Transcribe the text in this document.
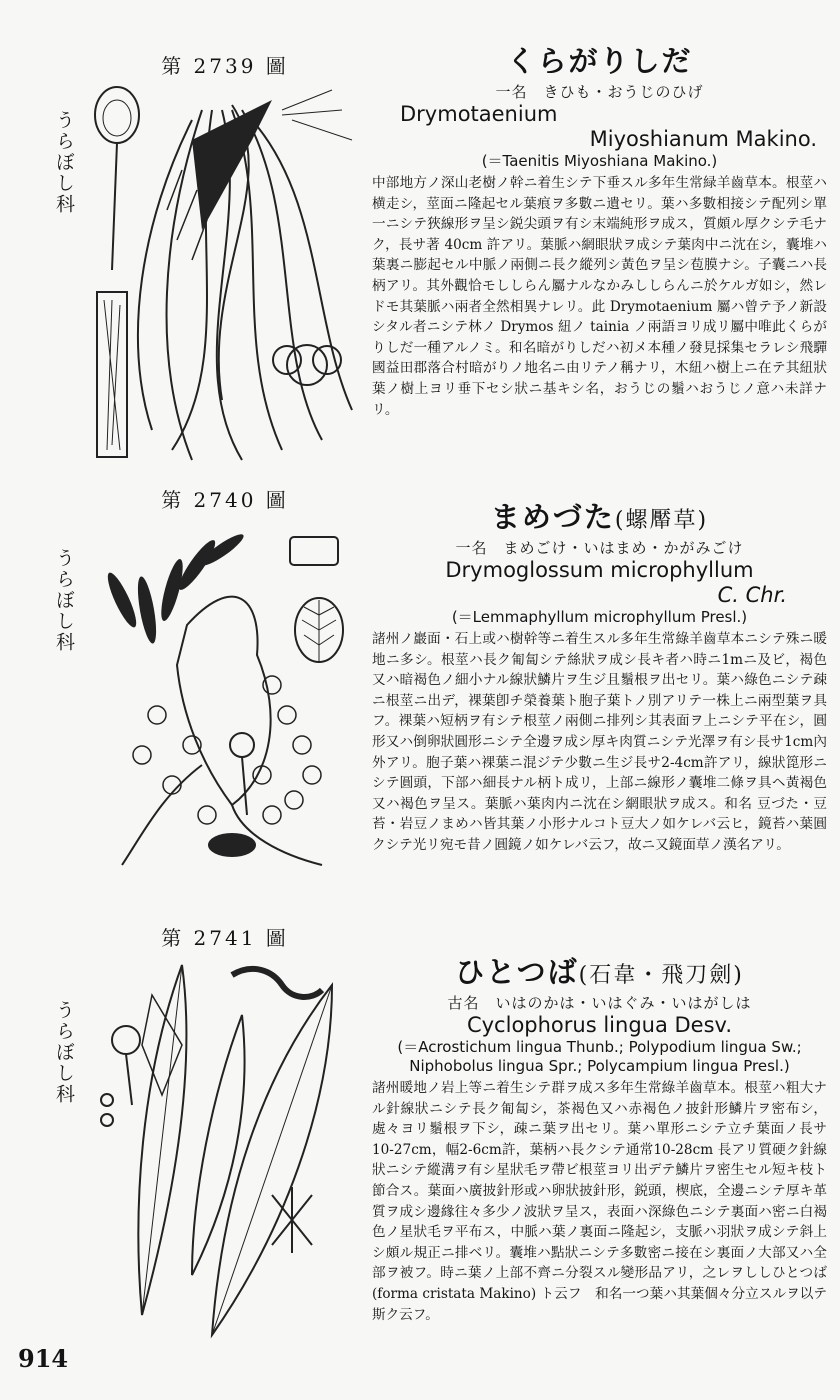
第 2739 圖
うらぼし科
くらがりしだ
一名　きひも・おうじのひげ
Drymotaenium
Miyoshianum Makino.
(＝Taenitis Miyoshiana Makino.)
中部地方ノ深山老樹ノ幹ニ着生シテ下垂スル多年生常緑羊齒草本。根莖ハ横走シ，莖面ニ隆起セル葉痕ヲ多數ニ遺セリ。葉ハ多數相接シテ配列シ單一ニシテ狹線形ヲ呈シ鋭尖頭ヲ有シ末端純形ヲ成ス，質頗ル厚クシテ毛ナク，長サ著 40cm 許アリ。葉脈ハ網眼狀ヲ成シテ葉肉中ニ沈在シ，囊堆ハ葉裏ニ膨起セル中脈ノ兩側ニ長ク縱列シ黃色ヲ呈シ苞膜ナシ。子囊ニハ長柄アリ。其外觀恰モししらん屬ナルなかみししらんニ於ケルガ如シ，然レドモ其葉脈ハ兩者全然相異ナレリ。此 Drymotaenium 屬ハ曾テ予ノ新設シタル者ニシテ林ノ Drymos 紐ノ tainia ノ兩語ヨリ成リ屬中唯此くらがりしだ一種アルノミ。和名暗がりしだハ初メ本種ノ發見採集セラレシ飛驒國益田郡落合村暗がりノ地名ニ由リテノ稱ナリ，木紐ハ樹上ニ在テ其紐狀葉ノ樹上ヨリ垂下セシ狀ニ基キシ名，おうじの鬚ハおうじノ意ハ未詳ナリ。
第 2740 圖
うらぼし科
まめづた(螺厴草)
一名　まめごけ・いはまめ・かがみごけ
Drymoglossum microphyllum
C. Chr.
(＝Lemmaphyllum microphyllum Presl.)
諸州ノ巖面・石上或ハ樹幹等ニ着生スル多年生常綠羊齒草本ニシテ殊ニ暖地ニ多シ。根莖ハ長ク匍匐シテ絲狀ヲ成シ長キ者ハ時ニ1mニ及ビ，褐色又ハ暗褐色ノ細小ナル線狀鱗片ヲ生ジ且鬚根ヲ出セリ。葉ハ綠色ニシテ疎ニ根莖ニ出デ，裸葉卽チ榮養葉ト胞子葉トノ別アリテ一株上ニ兩型葉ヲ具フ。裸葉ハ短柄ヲ有シテ根莖ノ兩側ニ排列シ其表面ヲ上ニシテ平在シ，圓形又ハ倒卵狀圓形ニシテ全邊ヲ成シ厚キ肉質ニシテ光澤ヲ有シ長サ1cm內外アリ。胞子葉ハ裸葉ニ混ジテ少數ニ生ジ長サ2-4cm許アリ，線狀箆形ニシテ圓頭，下部ハ細長ナル柄ト成リ，上部ニ線形ノ囊堆二條ヲ具ヘ黃褐色又ハ褐色ヲ呈ス。葉脈ハ葉肉内ニ沈在シ網眼狀ヲ成ス。和名 豆づた・豆苔・岩豆ノまめハ皆其葉ノ小形ナルコト豆大ノ如ケレバ云ヒ，鏡苔ハ葉圓クシテ光リ宛モ昔ノ圓鏡ノ如ケレバ云フ，故ニ又鏡面草ノ漢名アリ。
第 2741 圖
うらぼし科
ひとつば(石韋・飛刀劍)
古名　いはのかは・いはぐみ・いはがしは
Cyclophorus lingua Desv.
(＝Acrostichum lingua Thunb.; Polypodium lingua Sw.; Niphobolus lingua Spr.; Polycampium lingua Presl.)
諸州暖地ノ岩上等ニ着生シテ群ヲ成ス多年生常綠羊齒草本。根莖ハ粗大ナル針線狀ニシテ長ク匍匐シ，茶褐色又ハ赤褐色ノ披針形鱗片ヲ密布シ，處々ヨリ鬚根ヲ下シ，疎ニ葉ヲ出セリ。葉ハ單形ニシテ立チ葉面ノ長サ 10-27cm，幅2-6cm許，葉柄ハ長クシテ通常10-28cm 長アリ質硬ク針線狀ニシテ縱溝ヲ有シ星狀毛ヲ帶ビ根莖ヨリ出デテ鱗片ヲ密生セル短キ枝ト節合ス。葉面ハ廣披針形或ハ卵狀披針形，鋭頭，楔底，全邊ニシテ厚キ革質ヲ成シ邊緣往々多少ノ波狀ヲ呈ス，表面ハ深綠色ニシテ裏面ハ密ニ白褐色ノ星狀毛ヲ平布ス，中脈ハ葉ノ裏面ニ隆起シ，支脈ハ羽狀ヲ成シテ斜上シ頗ル規正ニ排ベリ。囊堆ハ點狀ニシテ多數密ニ接在シ裏面ノ大部又ハ全部ヲ被フ。時ニ葉ノ上部不齊ニ分裂スル變形品アリ，之レヲししひとつば (forma cristata Makino) ト云フ　和名一つ葉ハ其葉個々分立スルヲ以テ斯ク云フ。
914
